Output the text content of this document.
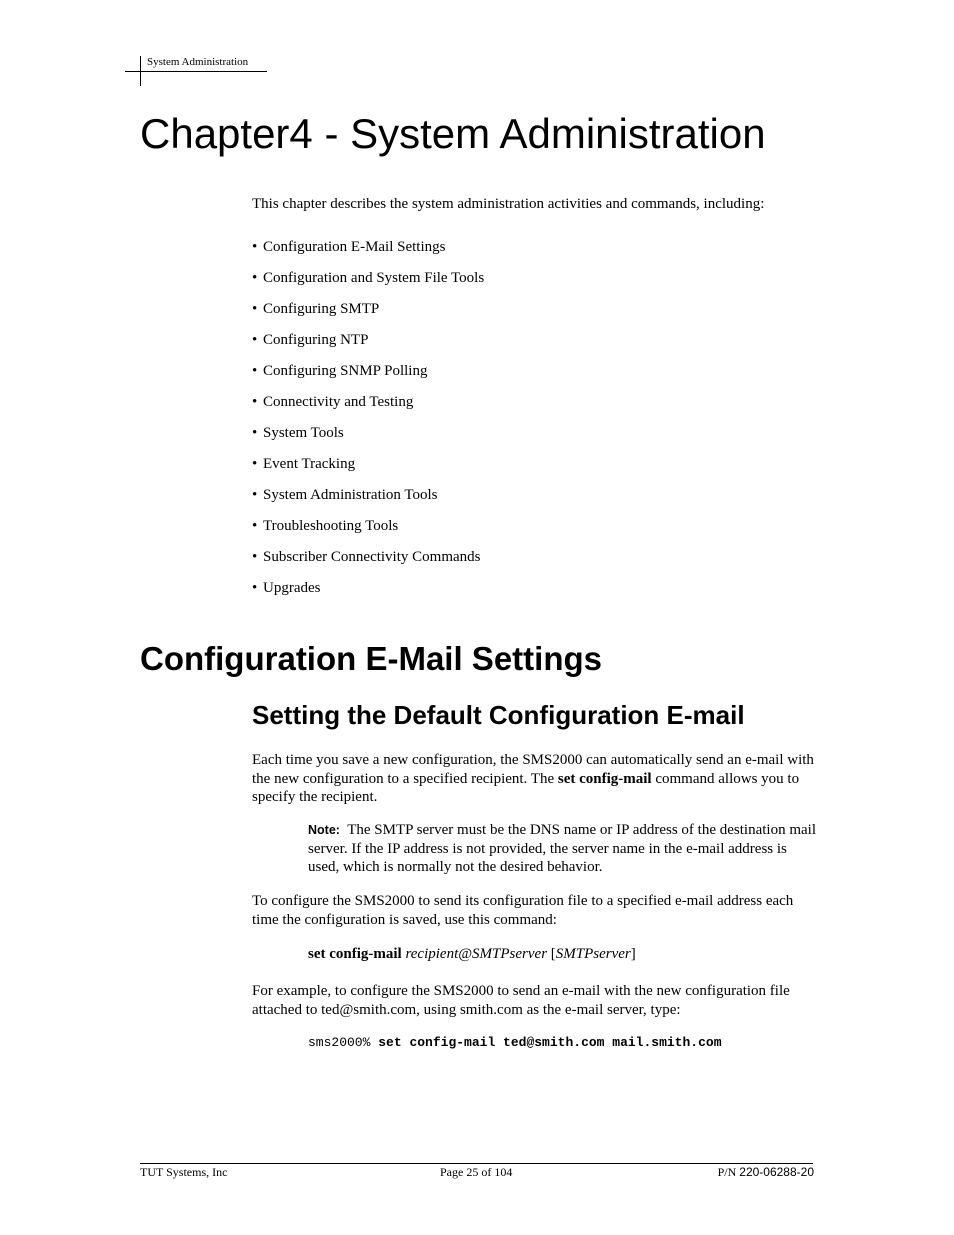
System Administration
Chapter4 - System Administration

This chapter describes the system administration activities and commands, including:

• Configuration E-Mail Settings
• Configuration and System File Tools
• Configuring SMTP
• Configuring NTP
• Configuring SNMP Polling
• Connectivity and Testing
• System Tools
• Event Tracking
• System Administration Tools
• Troubleshooting Tools
• Subscriber Connectivity Commands
• Upgrades
Configuration E-Mail Settings
Setting the Default Configuration E-mail

Each time you save a new configuration, the SMS2000 can automatically send an e-mail with the new configuration to a specified recipient. The set config-mail command allows you to specify the recipient.

Note: The SMTP server must be the DNS name or IP address of the destination mail server. If the IP address is not provided, the server name in the e-mail address is used, which is normally not the desired behavior.

To configure the SMS2000 to send its configuration file to a specified e-mail address each time the configuration is saved, use this command:

set config-mail recipient@SMTPserver [SMTPserver]

For example, to configure the SMS2000 to send an e-mail with the new configuration file attached to ted@smith.com, using smith.com as the e-mail server, type:

sms2000% set config-mail ted@smith.com mail.smith.com

TUT Systems, Inc	Page 25 of 104	P/N 220-06288-20
